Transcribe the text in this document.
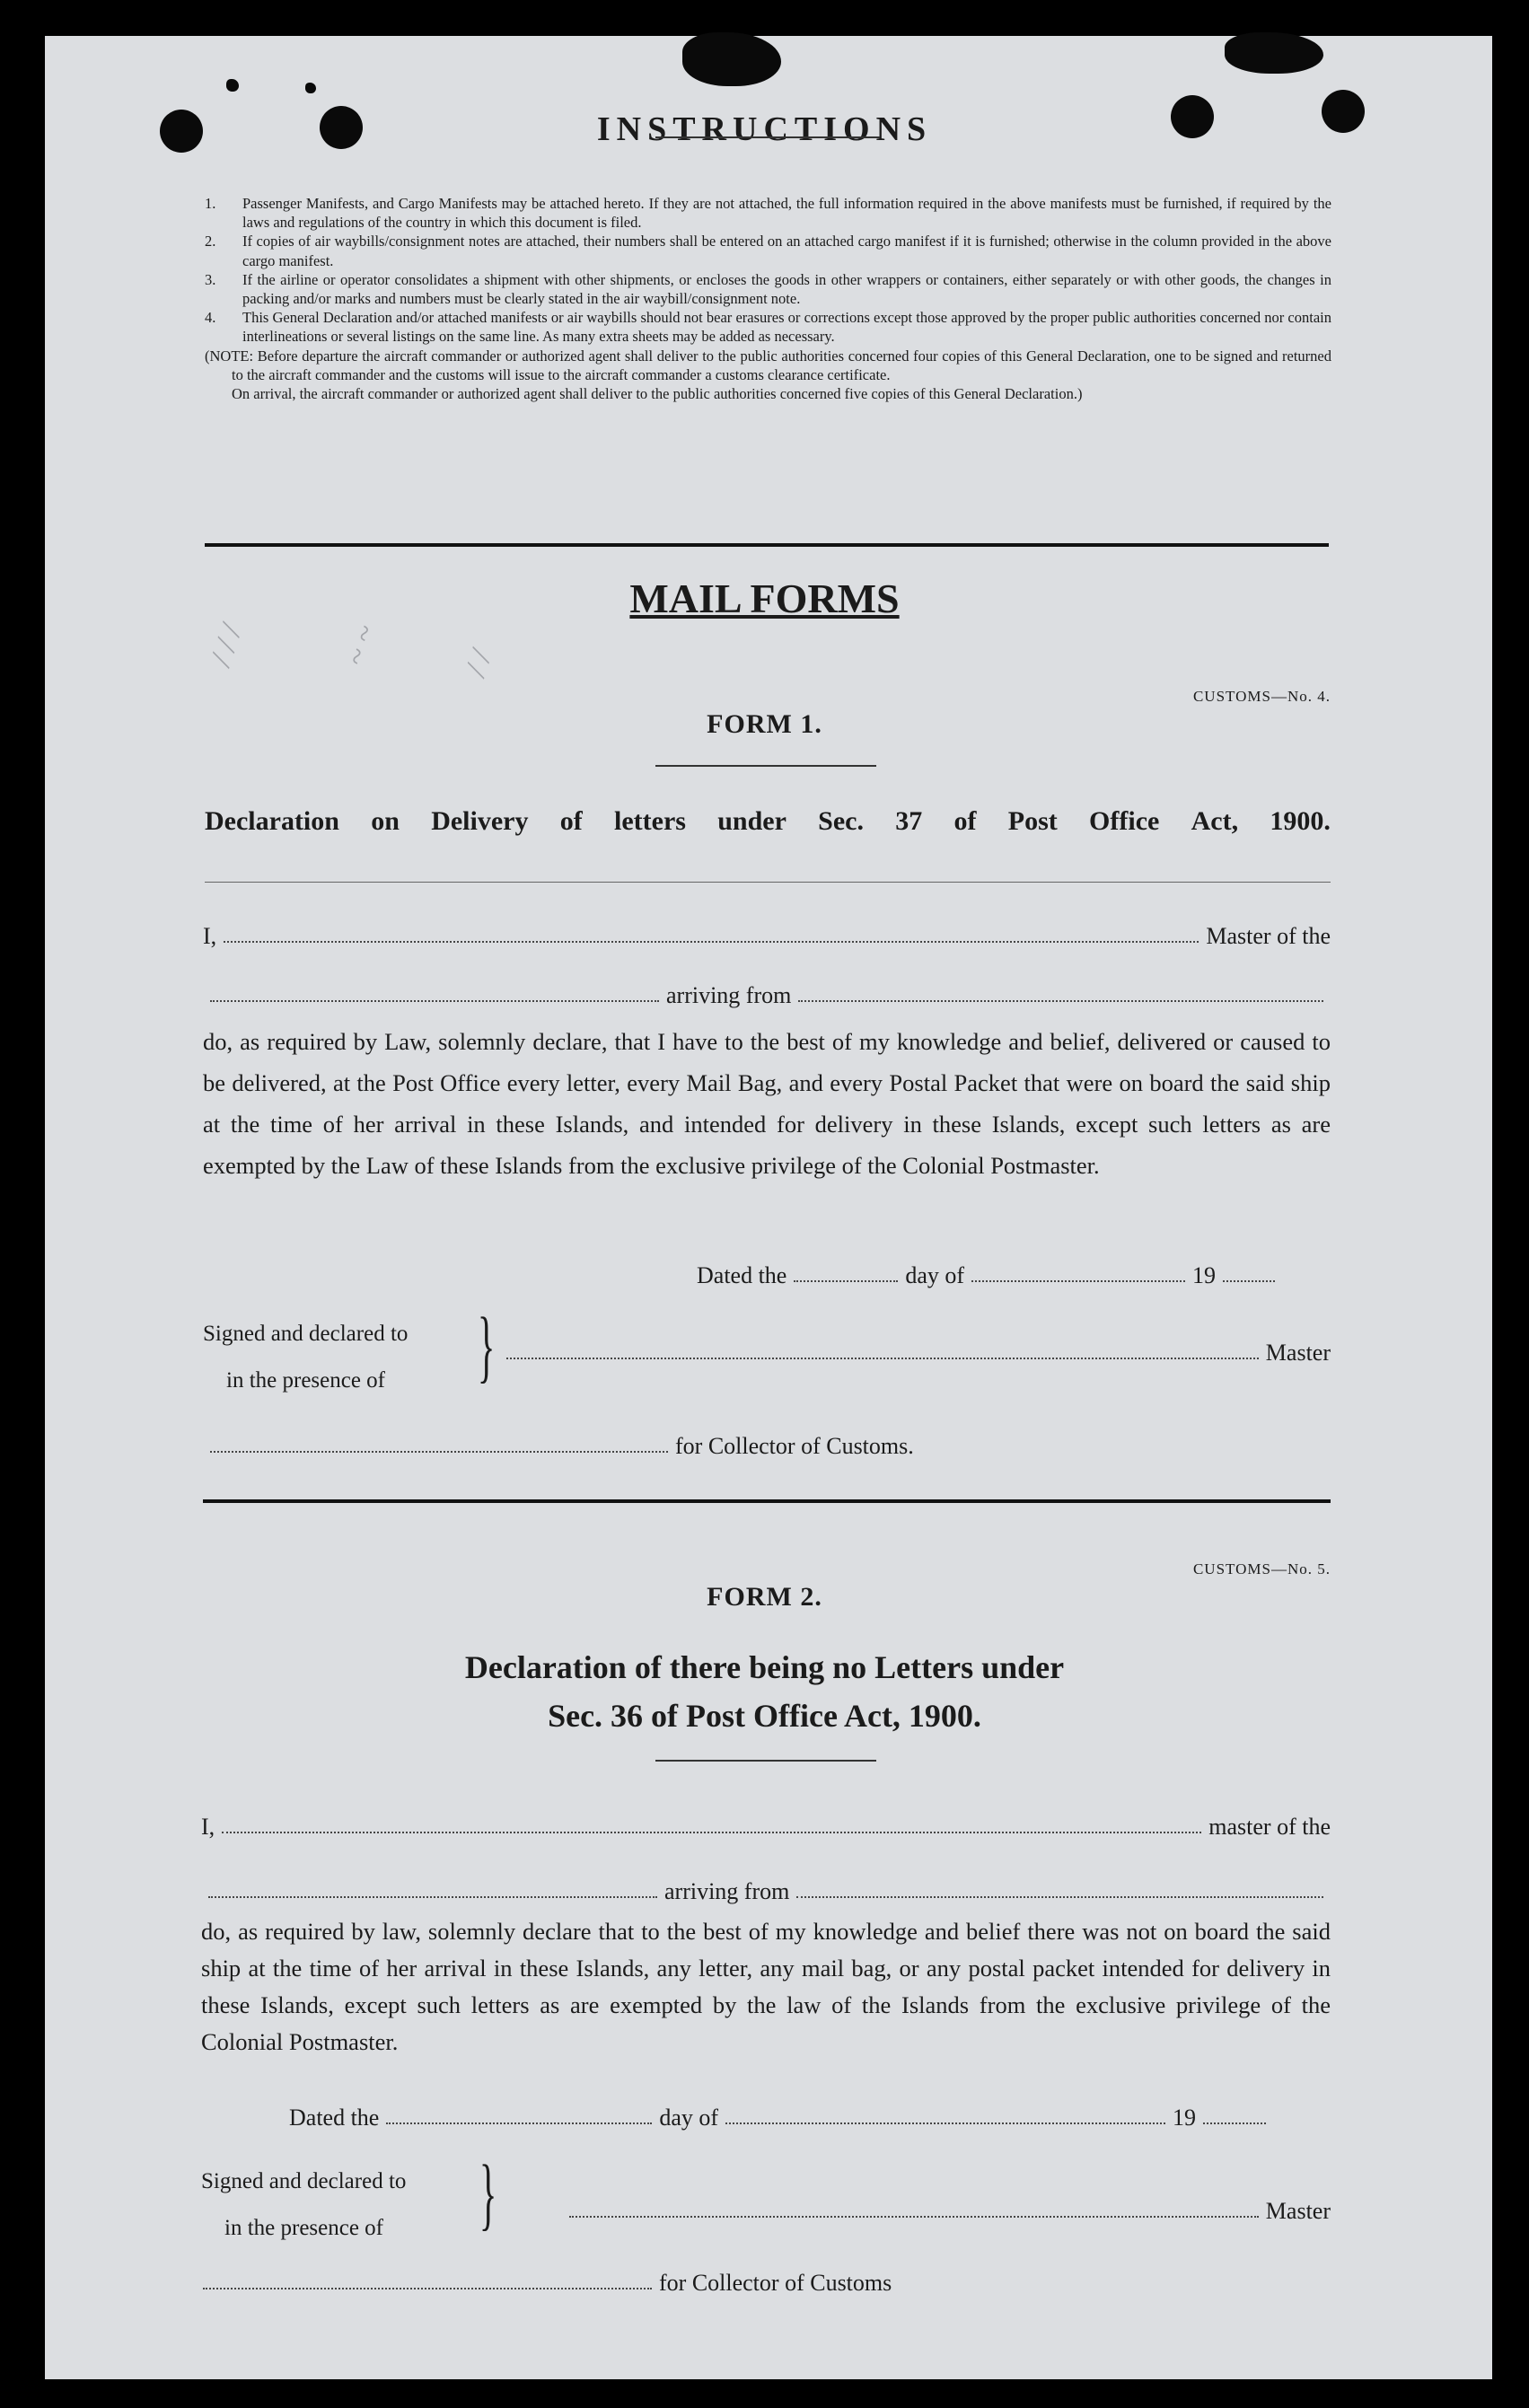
/ / /	~ ~ / /
INSTRUCTIONS
1.	Passenger Manifests, and Cargo Manifests may be attached hereto. If they are not attached, the full information required in the above manifests must be furnished, if required by the laws and regulations of the country in which this document is filed.
2.	If copies of air waybills/consignment notes are attached, their numbers shall be entered on an attached cargo manifest if it is furnished; otherwise in the column provided in the above cargo manifest.
3.	If the airline or operator consolidates a shipment with other shipments, or encloses the goods in other wrappers or containers, either separately or with other goods, the changes in packing and/or marks and numbers must be clearly stated in the air waybill/consignment note.
4.	This General Declaration and/or attached manifests or air waybills should not bear erasures or corrections except those approved by the proper public authorities concerned nor contain interlineations or several listings on the same line. As many extra sheets may be added as necessary.
(NOTE: Before departure the aircraft commander or authorized agent shall deliver to the public authorities concerned four copies of this General Declaration, one to be signed and returned to the aircraft commander and the customs will issue to the aircraft commander a customs clearance certificate.
On arrival, the aircraft commander or authorized agent shall deliver to the public authorities concerned five copies of this General Declaration.)
MAIL FORMS
CUSTOMS—No. 4.
FORM 1.
Declaration on Delivery of letters under Sec. 37 of Post Office Act, 1900.
I,	Master of the
arriving from
do, as required by Law, solemnly declare, that I have to the best of my knowledge and belief, delivered or caused to be delivered, at the Post Office every letter, every Mail Bag, and every Postal Packet that were on board the said ship at the time of her arrival in these Islands, and intended for delivery in these Islands, except such letters as are exempted by the Law of these Islands from the exclusive privilege of the Colonial Postmaster.
Dated the	day of	19
Signed and declared to
in the presence of }	Master
for Collector of Customs.
CUSTOMS—No. 5.
FORM 2.
Declaration of there being no Letters under
Sec. 36 of Post Office Act, 1900.
I,	master of the
arriving from
do, as required by law, solemnly declare that to the best of my knowledge and belief there was not on board the said ship at the time of her arrival in these Islands, any letter, any mail bag, or any postal packet intended for delivery in these Islands, except such letters as are exempted by the law of the Islands from the exclusive privilege of the Colonial Postmaster.
Dated the	day of	19
Signed and declared to
in the presence of }	Master
for Collector of Customs
